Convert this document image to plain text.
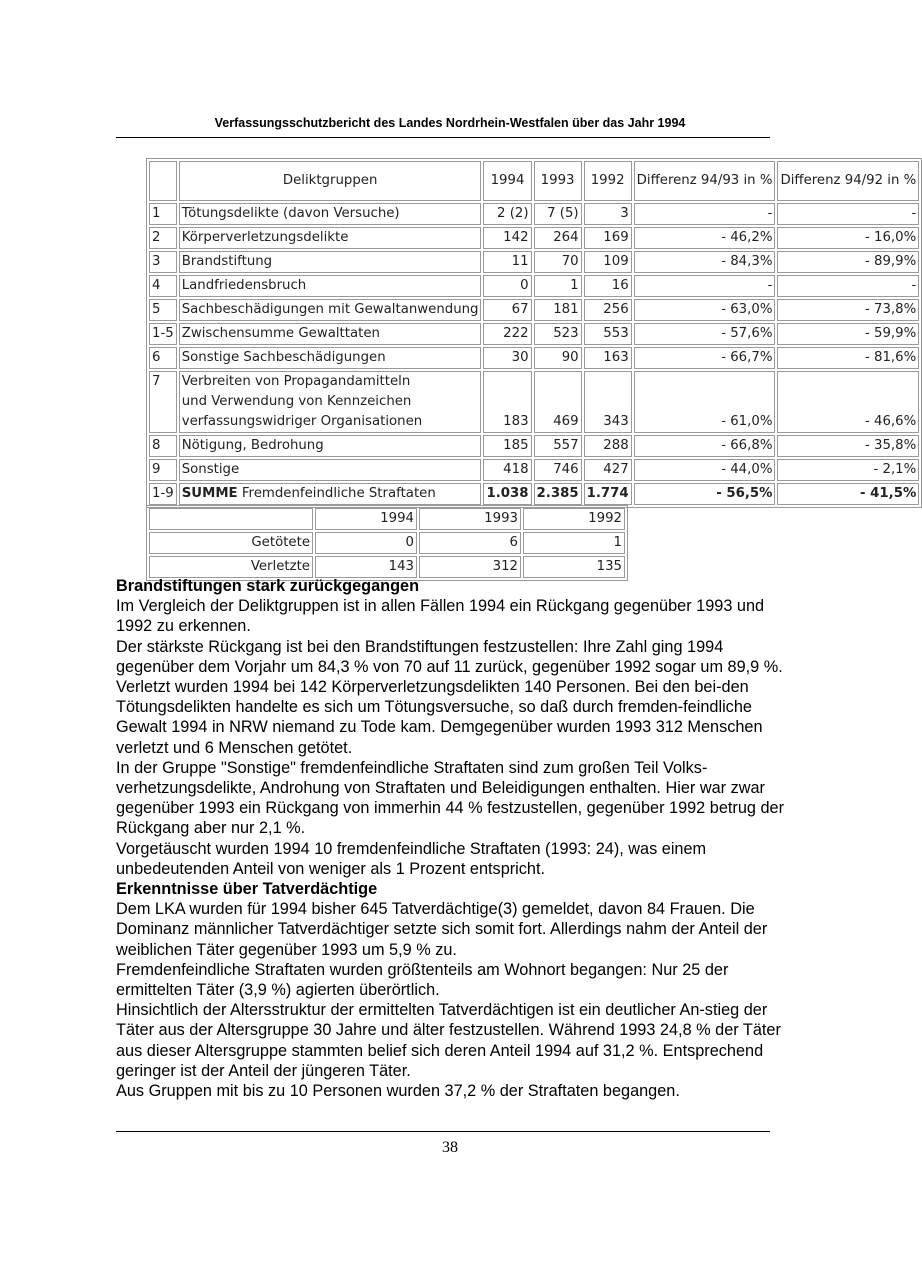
Verfassungsschutzbericht des Landes Nordrhein-Westfalen über das Jahr 1994
	Deliktgruppen	1994	1993	1992	Differenz 94/93 in %	Differenz 94/92 in %
1	Tötungsdelikte (davon Versuche)	2 (2)	7 (5)	3	-	-
2	Körperverletzungsdelikte	142	264	169	- 46,2%	- 16,0%
3	Brandstiftung	11	70	109	- 84,3%	- 89,9%
4	Landfriedensbruch	0	1	16	-	-
5	Sachbeschädigungen mit Gewaltanwendung	67	181	256	- 63,0%	- 73,8%
1-5	Zwischensumme Gewalttaten	222	523	553	- 57,6%	- 59,9%
6	Sonstige Sachbeschädigungen	30	90	163	- 66,7%	- 81,6%
7	Verbreiten von Propagandamitteln
und Verwendung von Kennzeichen
verfassungswidriger Organisationen	183	469	343	- 61,0%	- 46,6%
8	Nötigung, Bedrohung	185	557	288	- 66,8%	- 35,8%
9	Sonstige	418	746	427	- 44,0%	- 2,1%
1-9	SUMME Fremdenfeindliche Straftaten	1.038	2.385	1.774	- 56,5%	- 41,5%
	1994	1993	1992
Getötete	0	6	1
Verletzte	143	312	135

Brandstiftungen stark zurückgegangen

Im Vergleich der Deliktgruppen ist in allen Fällen 1994 ein Rückgang gegenüber 1993 und 1992 zu erkennen.

Der stärkste Rückgang ist bei den Brandstiftungen festzustellen: Ihre Zahl ging 1994 gegenüber dem Vorjahr um 84,3 % von 70 auf 11 zurück, gegenüber 1992 sogar um 89,9 %.

Verletzt wurden 1994 bei 142 Körperverletzungsdelikten 140 Personen. Bei den bei-den Tötungsdelikten handelte es sich um Tötungsversuche, so daß durch fremden-feindliche Gewalt 1994 in NRW niemand zu Tode kam. Demgegenüber wurden 1993 312 Menschen verletzt und 6 Menschen getötet.

In der Gruppe "Sonstige" fremdenfeindliche Straftaten sind zum großen Teil Volks-verhetzungsdelikte, Androhung von Straftaten und Beleidigungen enthalten. Hier war zwar gegenüber 1993 ein Rückgang von immerhin 44 % festzustellen, gegenüber 1992 betrug der Rückgang aber nur 2,1 %.

Vorgetäuscht wurden 1994 10 fremdenfeindliche Straftaten (1993: 24), was einem unbedeutenden Anteil von weniger als 1 Prozent entspricht.

Erkenntnisse über Tatverdächtige

Dem LKA wurden für 1994 bisher 645 Tatverdächtige(3) gemeldet, davon 84 Frauen. Die Dominanz männlicher Tatverdächtiger setzte sich somit fort. Allerdings nahm der Anteil der weiblichen Täter gegenüber 1993 um 5,9 % zu.

Fremdenfeindliche Straftaten wurden größtenteils am Wohnort begangen: Nur 25 der ermittelten Täter (3,9 %) agierten überörtlich.

Hinsichtlich der Altersstruktur der ermittelten Tatverdächtigen ist ein deutlicher An-stieg der Täter aus der Altersgruppe 30 Jahre und älter festzustellen. Während 1993 24,8 % der Täter aus dieser Altersgruppe stammten belief sich deren Anteil 1994 auf 31,2 %. Entsprechend geringer ist der Anteil der jüngeren Täter.

Aus Gruppen mit bis zu 10 Personen wurden 37,2 % der Straftaten begangen.

38
